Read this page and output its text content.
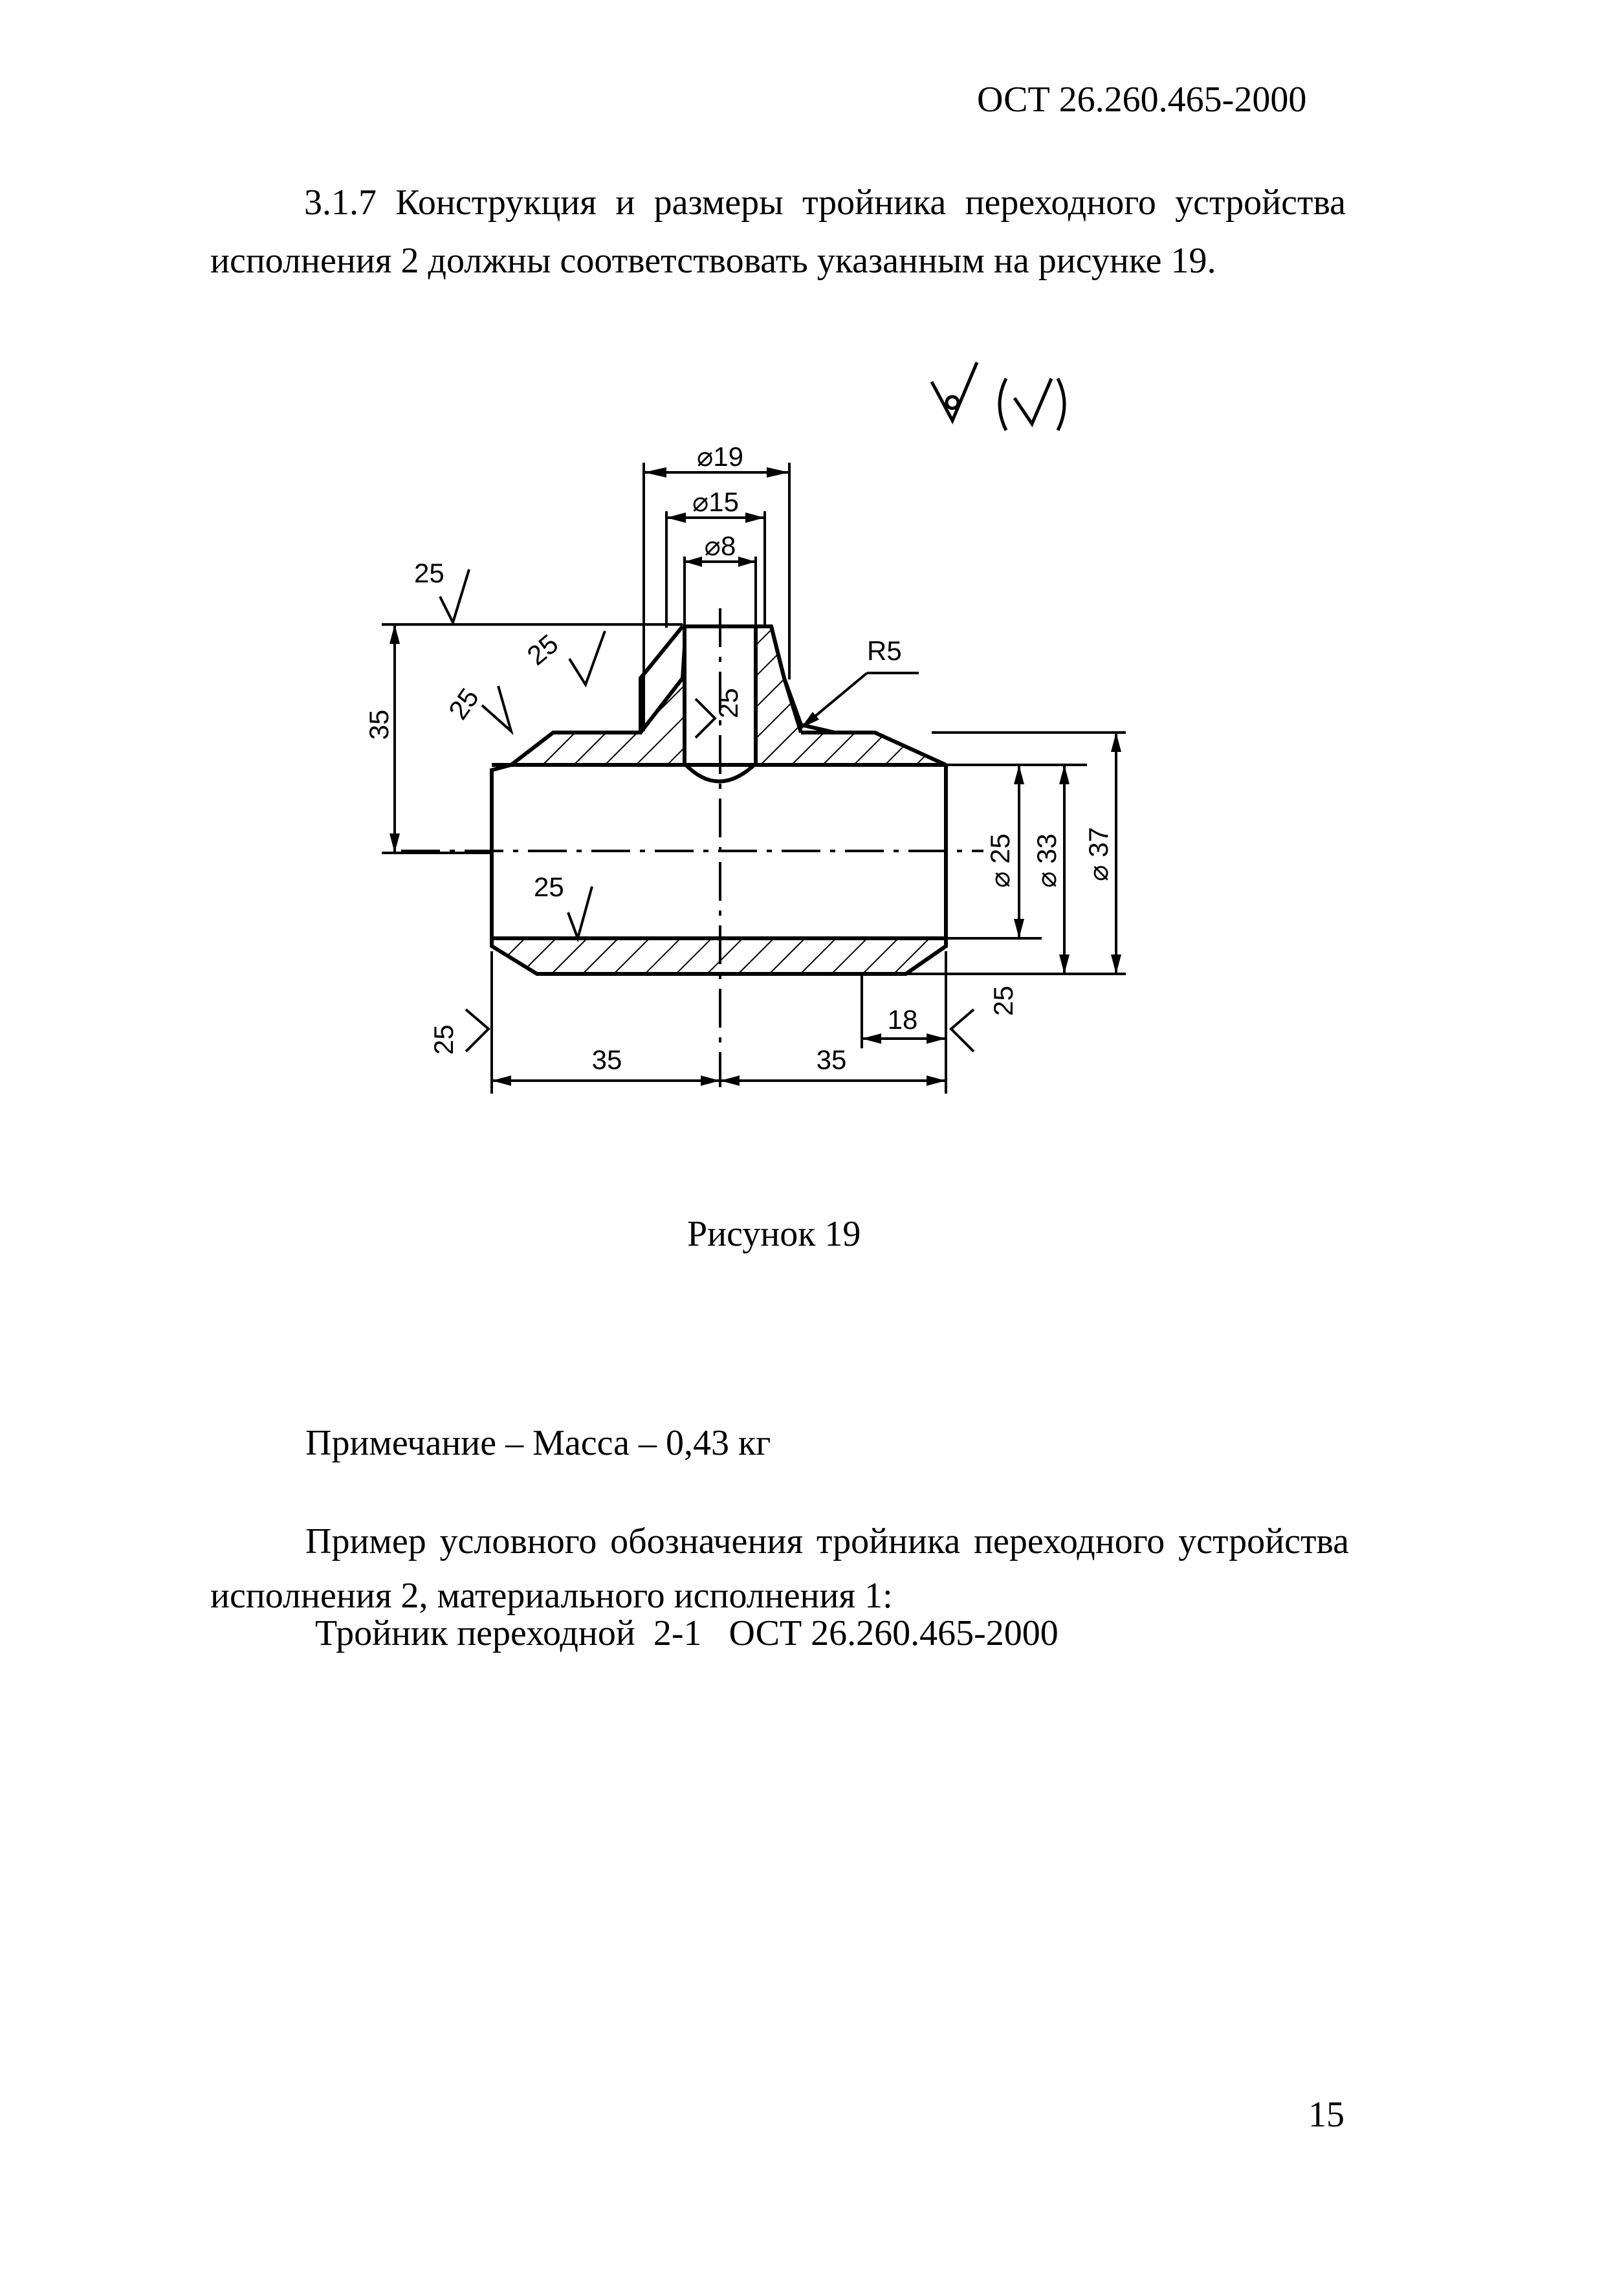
ОСТ 26.260.465-2000

3.1.7 Конструкция и размеры тройника переходного устройства исполнения 2 должны соответствовать указанным на рисунке 19.

⌀19
⌀15
⌀8
R5
35
⌀ 25 ⌀ 33 ⌀ 37
35	35
18
25
25
25	25
25
25
25
Рисунок 19
Примечание – Масса – 0,43 кг

Пример условного обозначения тройника переходного устройства исполнения 2, материального исполнения 1:

Тройник переходной  2-1   ОСТ 26.260.465-2000
15
